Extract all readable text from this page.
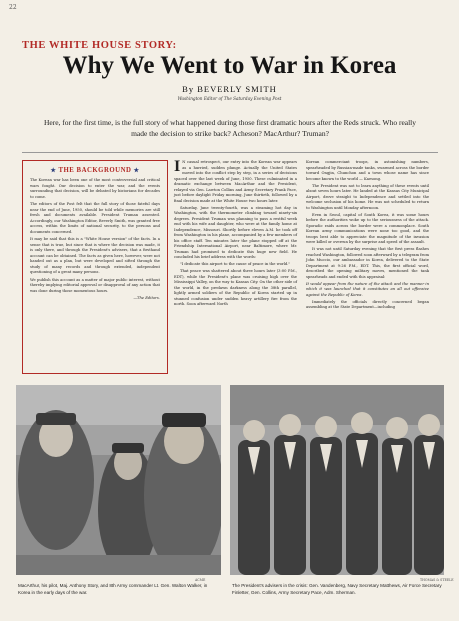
22
THE WHITE HOUSE STORY:
Why We Went to War in Korea
By BEVERLY SMITH
Washington Editor of The Saturday Evening Post
Here, for the first time, is the full story of what happened during those first dramatic hours after the Reds struck. Who really made the decision to strike back? Acheson? MacArthur? Truman?
★ THE BACKGROUND ★

The Korean war has been one of the most controversial and critical wars fought. Our decision to enter the war, and the events surrounding that decision, will be debated by historians for decades to come.

The editors of the Post felt that the full story of those fateful days near the end of June, 1950, should be told while memories are still fresh and documents available. President Truman assented. Accordingly, our Washington Editor, Beverly Smith, was granted free access, within the limits of national security, to the persons and documents concerned.

It may be said that this is a "White House version" of the facts. In a sense that is true, but since that is where the decision was made, it is only there, and through the President's advisers, that a firsthand account can be obtained. The facts as given here, however, were not handed out as a plan, but were developed and sifted through the study of many records and through extended, independent questioning of a great many persons.

We publish this account as a matter of major public interest, without thereby implying editorial approval or disapproval of any action that was done during those momentous hours.

—The Editors.

I N casual retrospect, our entry into the Korean war appears as a hurried, sudden plunge. Actually the United States moved into the conflict step by step, in a series of decisions spaced over the last week of June, 1950. These culminated in a dramatic exchange between MacArthur and the President, relayed via Gen. Lawton Collins and Army Secretary Frank Pace, just before daylight Friday morning, June thirtieth, followed by a final decision made at the White House two hours later.

Saturday, June twenty-fourth, was a steaming hot day in Washington, with the thermometer climbing toward ninety-six degrees. President Truman was planning to pass a restful week end with his wife and daughter, who were at the family home at Independence, Missouri. Shortly before eleven A.M. he took off from Washington in his plane, accompanied by a few members of his office staff. Ten minutes later the plane stopped off at the Friendship International Airport, near Baltimore, where Mr. Truman had promised to dedicate this huge new field. He concluded his brief address with the words:

"I dedicate this airport to the cause of peace in the world."

That peace was shattered about three hours later (3:00 P.M., EDT), while the President's plane was cruising high over the Mississippi Valley, on the way to Kansas City. On the other side of the world, in the predawn darkness along the 38th parallel, lightly armed soldiers of the Republic of Korea started up in stunned confusion under sudden heavy artillery fire from the north. Soon afterward North

Korean commerciant troops, in astonishing numbers, spearheaded by Russian-made tanks, swarmed across the border toward Ongjin, Chunchon and a town whose name has since become known to the world — Kaesong.

The President was not to learn anything of these events until about seven hours later. He landed at the Kansas City Municipal Airport, drove straight to Independence and settled into the welcome seclusion of his home. He was not scheduled to return to Washington until Monday afternoon.

Even in Seoul, capital of South Korea, it was some hours before the authorities woke up to the seriousness of the attack. Sporadic raids across the border were a commonplace. South Korean army communications were none too good, and the troops best able to appreciate the magnitude of the invasion were killed or overrun by the surprise and speed of the assault.

It was not until Saturday evening that the first press flashes reached Washington, followed soon afterward by a telegram from John Muccio, our ambassador in Korea, delivered to the State Department at 9:26 P.M., EDT. This, the first official word, described the opening military moves, mentioned the tank spearheads and ended with this appraisal:

It would appear from the nature of the attack and the manner in which it was launched that it constitutes an all out offensive against the Republic of Korea.

Immediately the officials directly concerned began assembling at the State Department—including

ACME	THOMAS & STEELE
MacArthur, his pilot, Maj. Anthony Story, and 8th Army commander Lt. Gen. Walton Walker, in Korea in the early days of the war.
The President's advisers in the crisis: Gen. Vandenberg, Navy Secretary Matthews, Air Force Secretary Finletter, Gen. Collins, Army Secretary Pace, Adm. Sherman.
